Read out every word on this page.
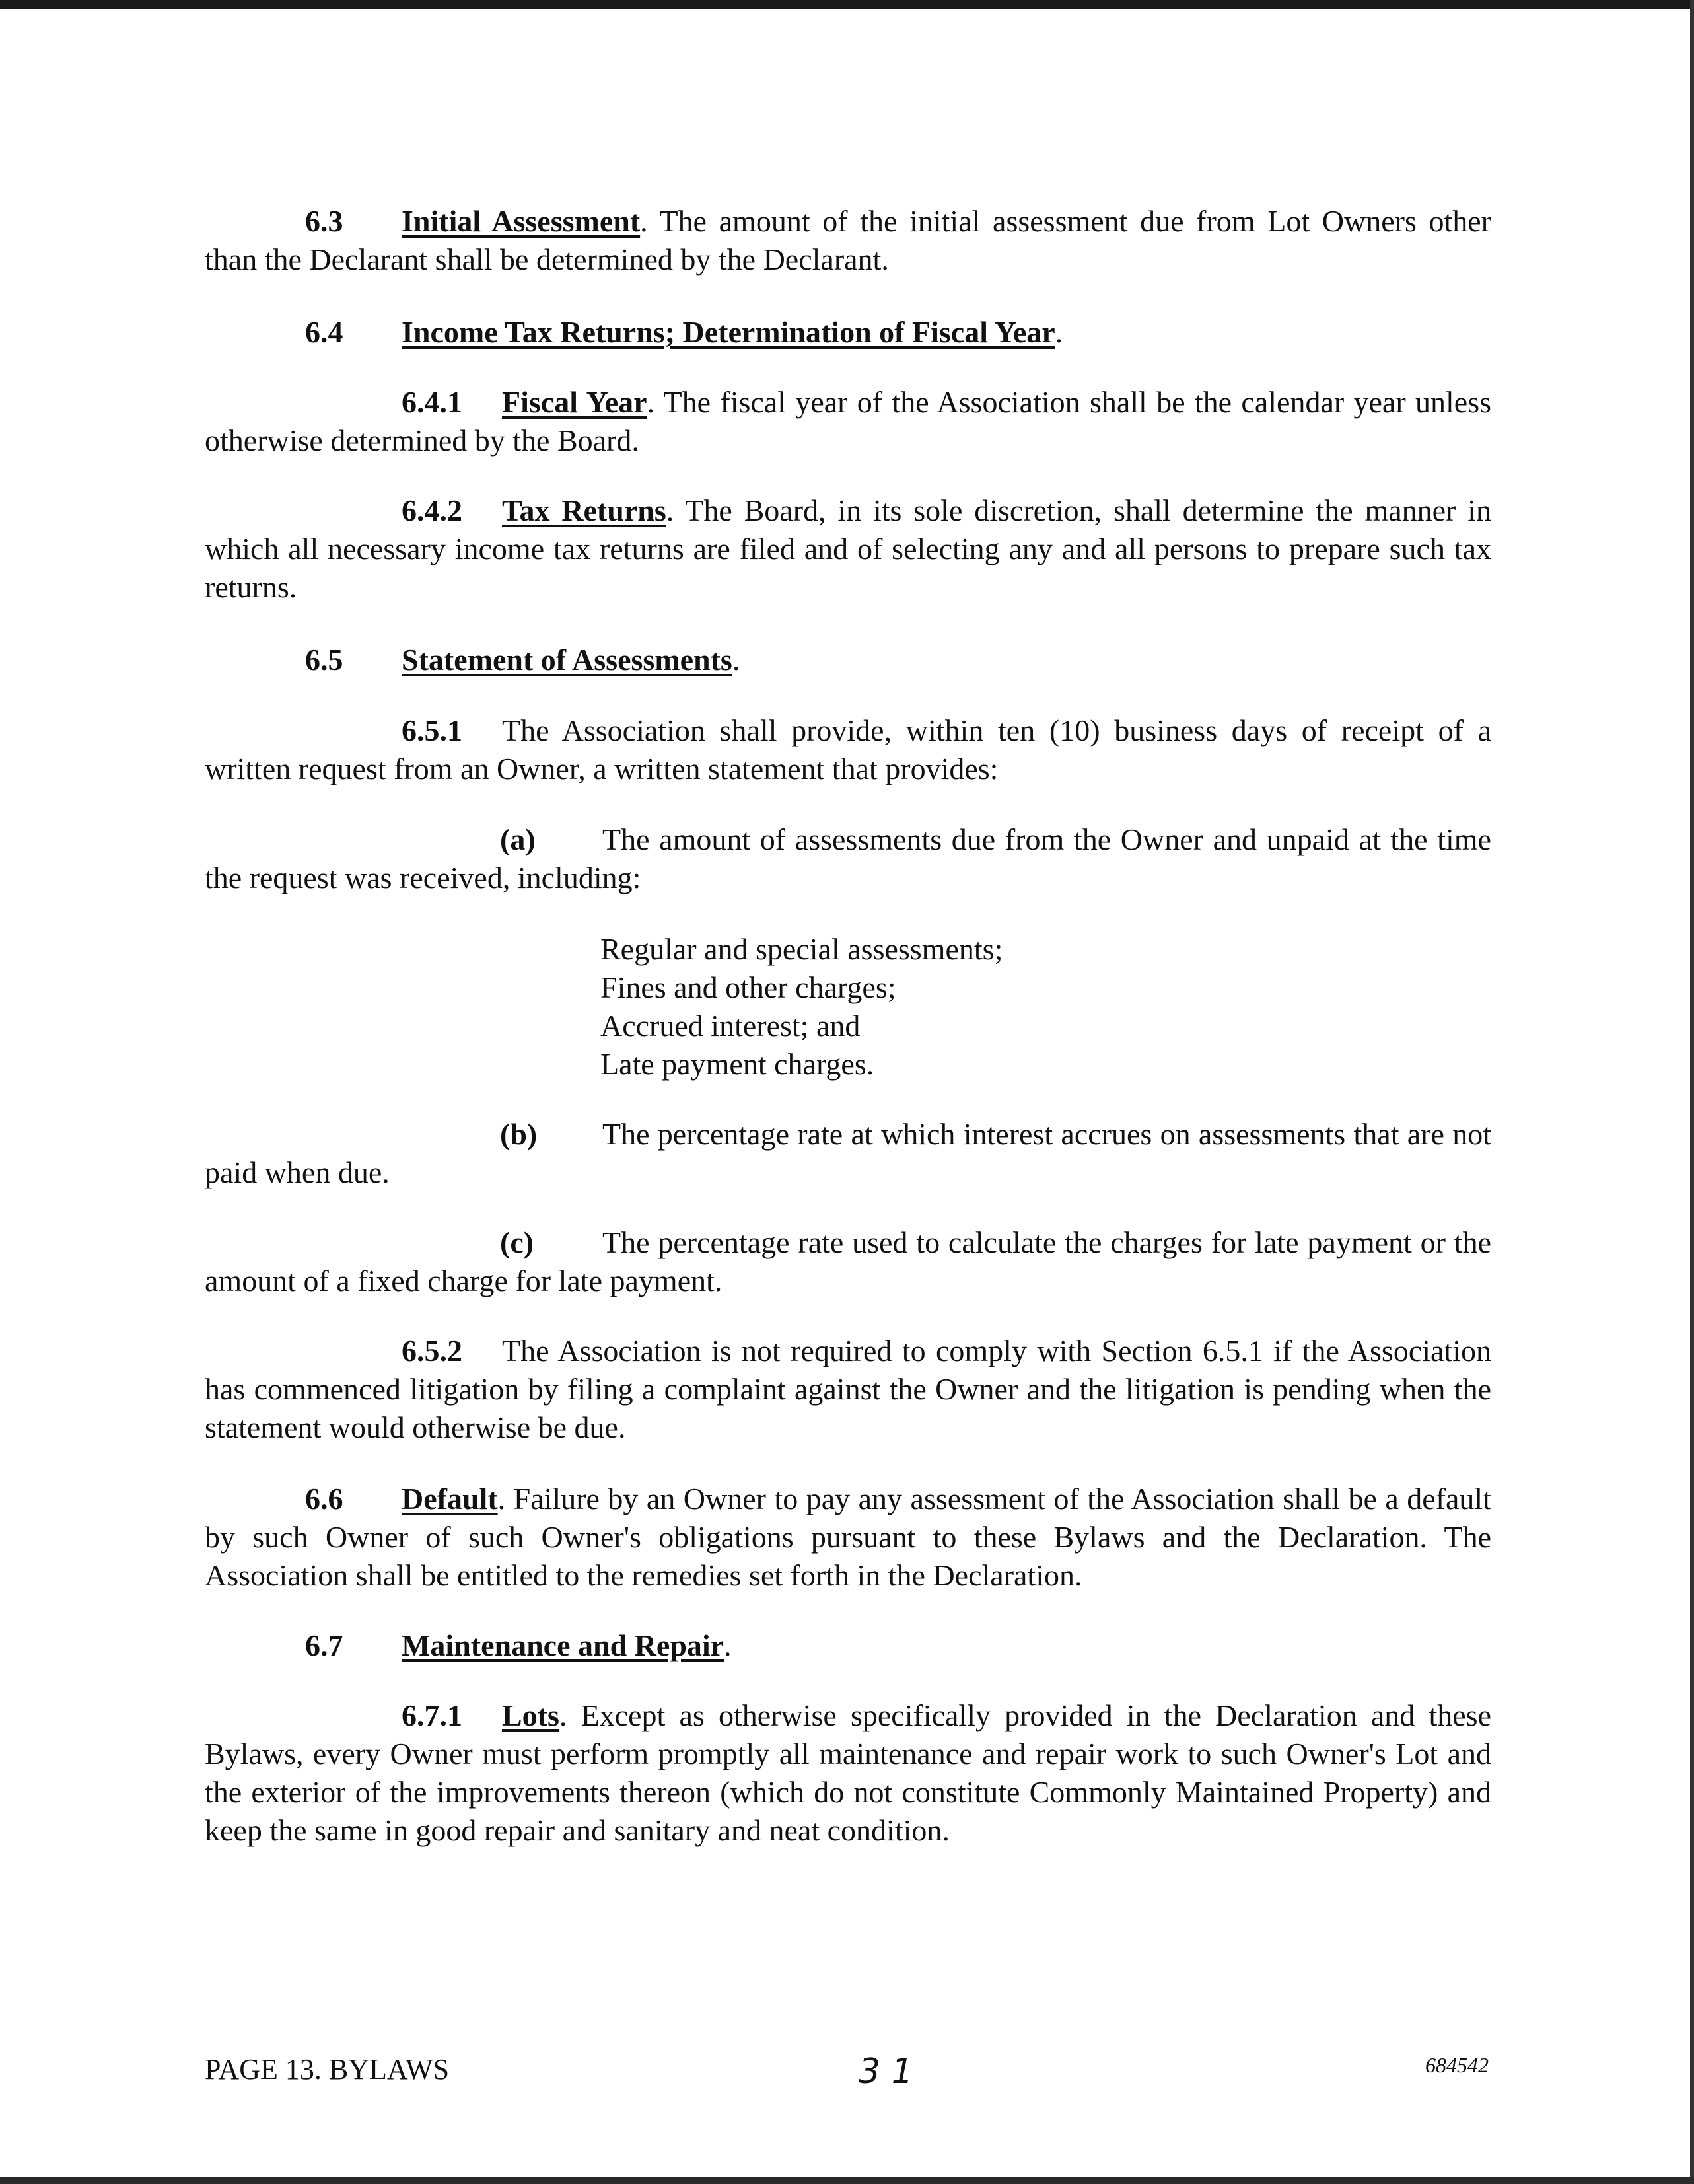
6.3 Initial Assessment. The amount of the initial assessment due from Lot Owners other than the Declarant shall be determined by the Declarant.
6.4 Income Tax Returns; Determination of Fiscal Year.
6.4.1 Fiscal Year. The fiscal year of the Association shall be the calendar year unless otherwise determined by the Board.
6.4.2 Tax Returns. The Board, in its sole discretion, shall determine the manner in which all necessary income tax returns are filed and of selecting any and all persons to prepare such tax returns.
6.5 Statement of Assessments.
6.5.1 The Association shall provide, within ten (10) business days of receipt of a written request from an Owner, a written statement that provides:
(a) The amount of assessments due from the Owner and unpaid at the time the request was received, including:
Regular and special assessments;
Fines and other charges;
Accrued interest; and
Late payment charges.
(b) The percentage rate at which interest accrues on assessments that are not paid when due.
(c) The percentage rate used to calculate the charges for late payment or the amount of a fixed charge for late payment.
6.5.2 The Association is not required to comply with Section 6.5.1 if the Association has commenced litigation by filing a complaint against the Owner and the litigation is pending when the statement would otherwise be due.
6.6 Default. Failure by an Owner to pay any assessment of the Association shall be a default by such Owner of such Owner's obligations pursuant to these Bylaws and the Declaration. The Association shall be entitled to the remedies set forth in the Declaration.
6.7 Maintenance and Repair.
6.7.1 Lots. Except as otherwise specifically provided in the Declaration and these Bylaws, every Owner must perform promptly all maintenance and repair work to such Owner's Lot and the exterior of the improvements thereon (which do not constitute Commonly Maintained Property) and keep the same in good repair and sanitary and neat condition.
PAGE 13. BYLAWS	3 1	684542
